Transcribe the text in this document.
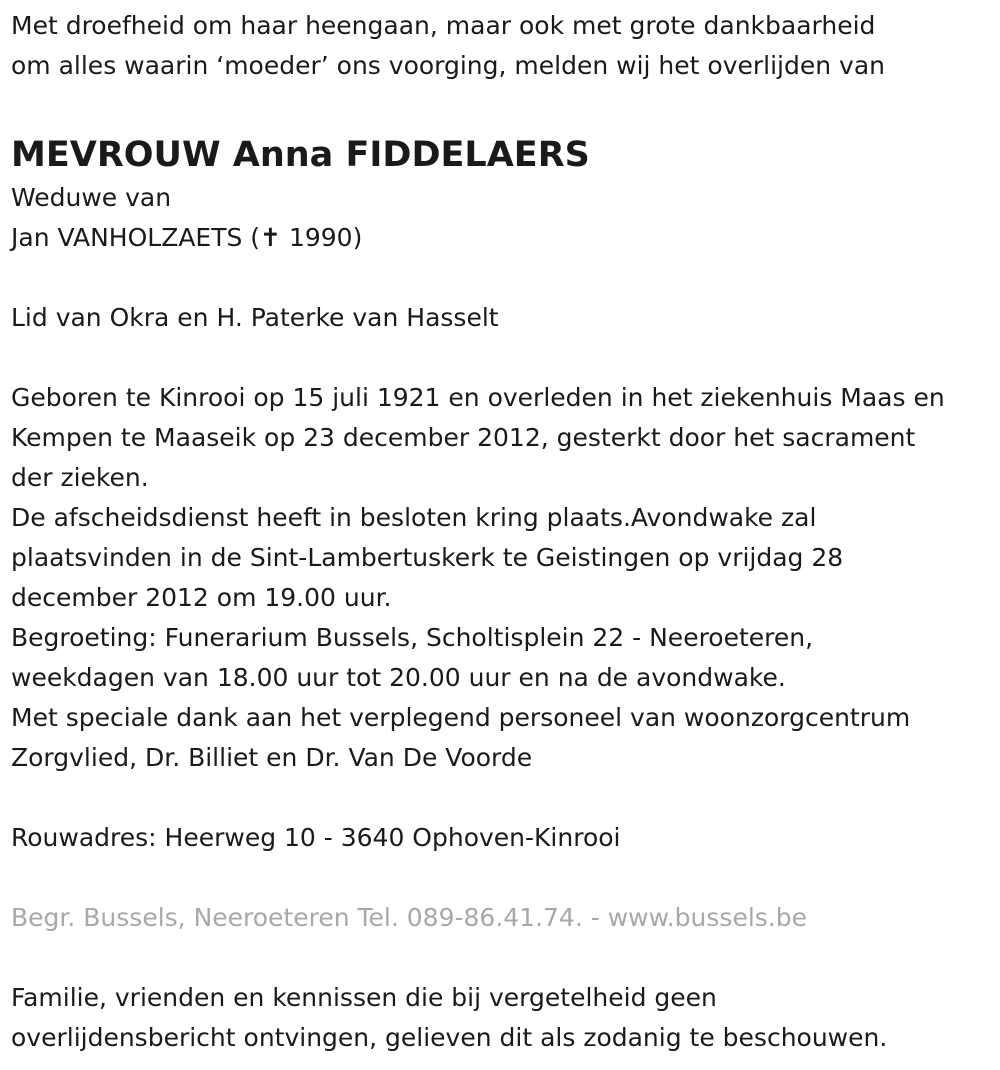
Met droefheid om haar heengaan, maar ook met grote dankbaarheid
om alles waarin ‘moeder’ ons voorging, melden wij het overlijden van
MEVROUW Anna FIDDELAERS
Weduwe van
Jan VANHOLZAETS (✝ 1990)
Lid van Okra en H. Paterke van Hasselt
Geboren te Kinrooi op 15 juli 1921 en overleden in het ziekenhuis Maas en
Kempen te Maaseik op 23 december 2012, gesterkt door het sacrament
der zieken.
De afscheidsdienst heeft in besloten kring plaats.Avondwake zal
plaatsvinden in de Sint-Lambertuskerk te Geistingen op vrijdag 28
december 2012 om 19.00 uur.
Begroeting: Funerarium Bussels, Scholtisplein 22 - Neeroeteren,
weekdagen van 18.00 uur tot 20.00 uur en na de avondwake.
Met speciale dank aan het verplegend personeel van woonzorgcentrum
Zorgvlied, Dr. Billiet en Dr. Van De Voorde
Rouwadres: Heerweg 10 - 3640 Ophoven-Kinrooi
Begr. Bussels, Neeroeteren Tel. 089-86.41.74. - www.bussels.be
Familie, vrienden en kennissen die bij vergetelheid geen
overlijdensbericht ontvingen, gelieven dit als zodanig te beschouwen.
